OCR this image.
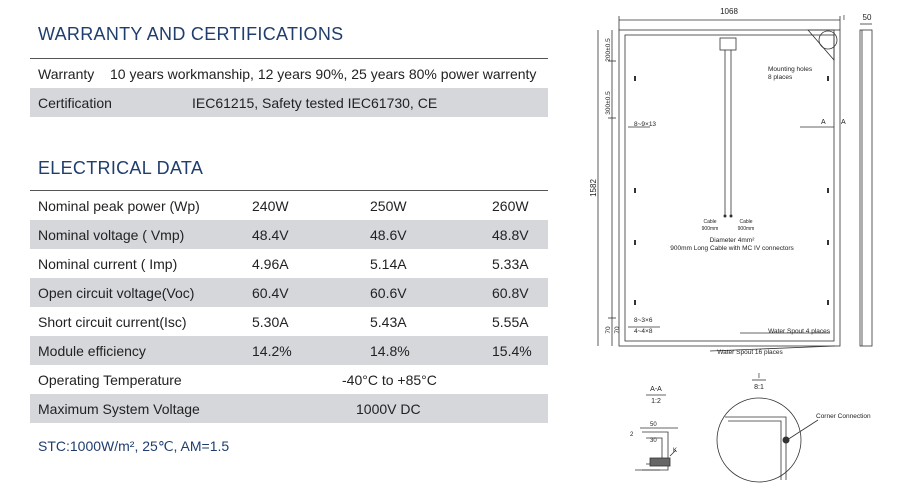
WARRANTY AND CERTIFICATIONS
Warranty 10 years workmanship, 12 years 90%, 25 years 80% power warrenty
Certification	IEC61215, Safety tested IEC61730, CE
ELECTRICAL DATA
Nominal peak power (Wp)	240W	250W	260W
Nominal voltage ( Vmp)	48.4V	48.6V	48.8V
Nominal current ( Imp)	4.96A	5.14A	5.33A
Open circuit voltage(Voc)	60.4V	60.6V	60.8V
Short circuit current(Isc)	5.30A	5.43A	5.55A
Module efficiency	14.2%	14.8%	15.4%
Operating Temperature	-40°C to +85°C
Maximum System Voltage	1000V DC
STC:1000W/m², 25℃, AM=1.5
1068
50
I
1582
200±0.5
300±0.5
70 70
8~9×13
8~3×6
4~4×8
Mounting holes
8 places
A A
Cable
900mm
Cable
900mm
Diameter 4mm²
900mm Long Cable with MC IV connectors
Water Spout 4 places
Water Spout 16 places
A-A
1:2
50
2
30
K
I
8:1
Corner Connection
